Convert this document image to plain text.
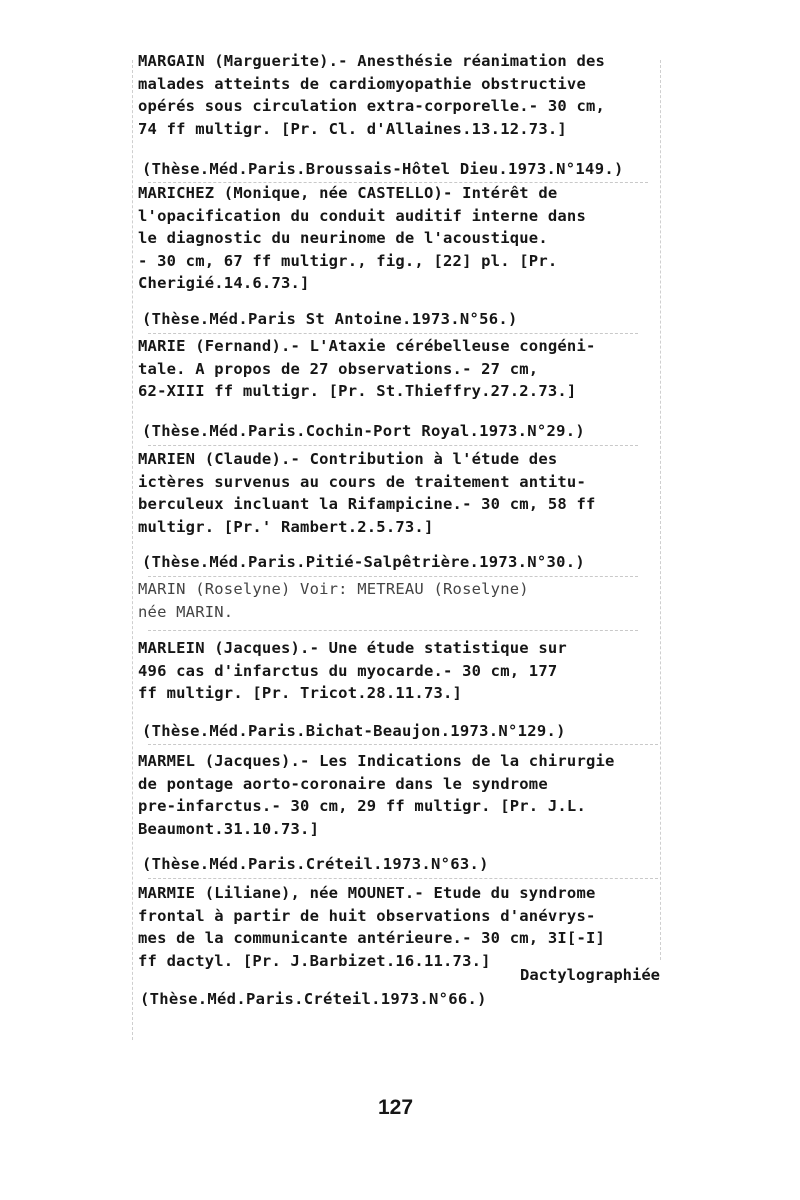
MARGAIN (Marguerite).- Anesthésie réanimation des
malades atteints de cardiomyopathie obstructive
opérés sous circulation extra-corporelle.- 30 cm,
74 ff multigr. [Pr. Cl. d'Allaines.13.12.73.]
(Thèse.Méd.Paris.Broussais-Hôtel Dieu.1973.N°149.)
MARICHEZ (Monique, née CASTELLO)- Intérêt de
l'opacification du conduit auditif interne dans
le diagnostic du neurinome de l'acoustique.
- 30 cm, 67 ff multigr., fig., [22] pl. [Pr.
Cherigié.14.6.73.]
(Thèse.Méd.Paris St Antoine.1973.N°56.)
MARIE (Fernand).- L'Ataxie cérébelleuse congéni-
tale. A propos de 27 observations.- 27 cm,
62-XIII ff multigr. [Pr. St.Thieffry.27.2.73.]
(Thèse.Méd.Paris.Cochin-Port Royal.1973.N°29.)
MARIEN (Claude).- Contribution à l'étude des
ictères survenus au cours de traitement antitu-
berculeux incluant la Rifampicine.- 30 cm, 58 ff
multigr. [Pr.' Rambert.2.5.73.]
(Thèse.Méd.Paris.Pitié-Salpêtrière.1973.N°30.)
MARIN (Roselyne) Voir: METREAU (Roselyne)
née MARIN.
MARLEIN (Jacques).- Une étude statistique sur
496 cas d'infarctus du myocarde.- 30 cm, 177
ff multigr. [Pr. Tricot.28.11.73.]
(Thèse.Méd.Paris.Bichat-Beaujon.1973.N°129.)
MARMEL (Jacques).- Les Indications de la chirurgie
de pontage aorto-coronaire dans le syndrome
pre-infarctus.- 30 cm, 29 ff multigr. [Pr. J.L.
Beaumont.31.10.73.]
(Thèse.Méd.Paris.Créteil.1973.N°63.)
MARMIE (Liliane), née MOUNET.- Etude du syndrome
frontal à partir de huit observations d'anévrys-
mes de la communicante antérieure.- 30 cm, 3I[-I]
ff dactyl. [Pr. J.Barbizet.16.11.73.]
Dactylographiée
(Thèse.Méd.Paris.Créteil.1973.N°66.)
127
